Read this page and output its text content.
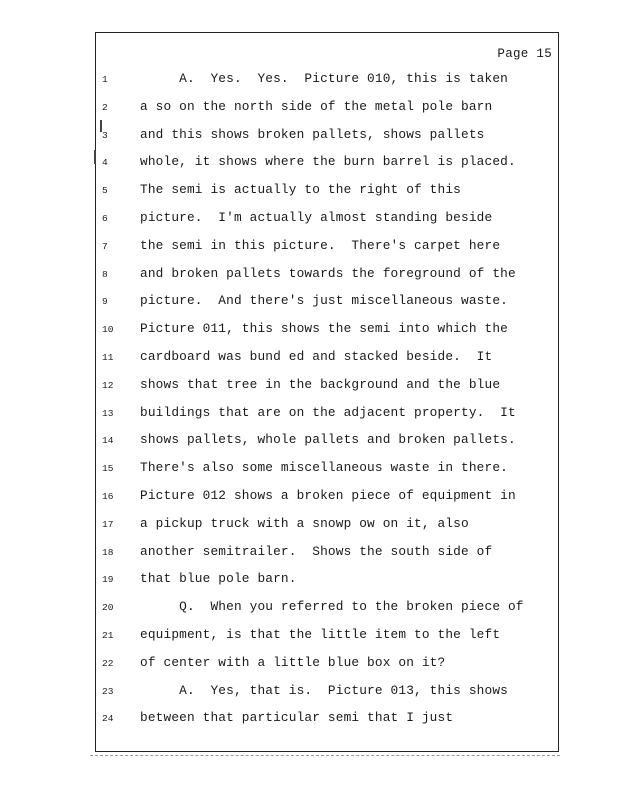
Page 15
1	A.  Yes.  Yes.  Picture 010, this is taken
2	a so on the north side of the metal pole barn
3	and this shows broken pallets, shows pallets
4	whole, it shows where the burn barrel is placed.
5	The semi is actually to the right of this
6	picture.  I'm actually almost standing beside
7	the semi in this picture.  There's carpet here
8	and broken pallets towards the foreground of the
9	picture.  And there's just miscellaneous waste.
10	Picture 011, this shows the semi into which the
11	cardboard was bund ed and stacked beside.  It
12	shows that tree in the background and the blue
13	buildings that are on the adjacent property.  It
14	shows pallets, whole pallets and broken pallets.
15	There's also some miscellaneous waste in there.
16	Picture 012 shows a broken piece of equipment in
17	a pickup truck with a snowp ow on it, also
18	another semitrailer.  Shows the south side of
19	that blue pole barn.
20	Q.  When you referred to the broken piece of
21	equipment, is that the little item to the left
22	of center with a little blue box on it?
23	A.  Yes, that is.  Picture 013, this shows
24	between that particular semi that I just
